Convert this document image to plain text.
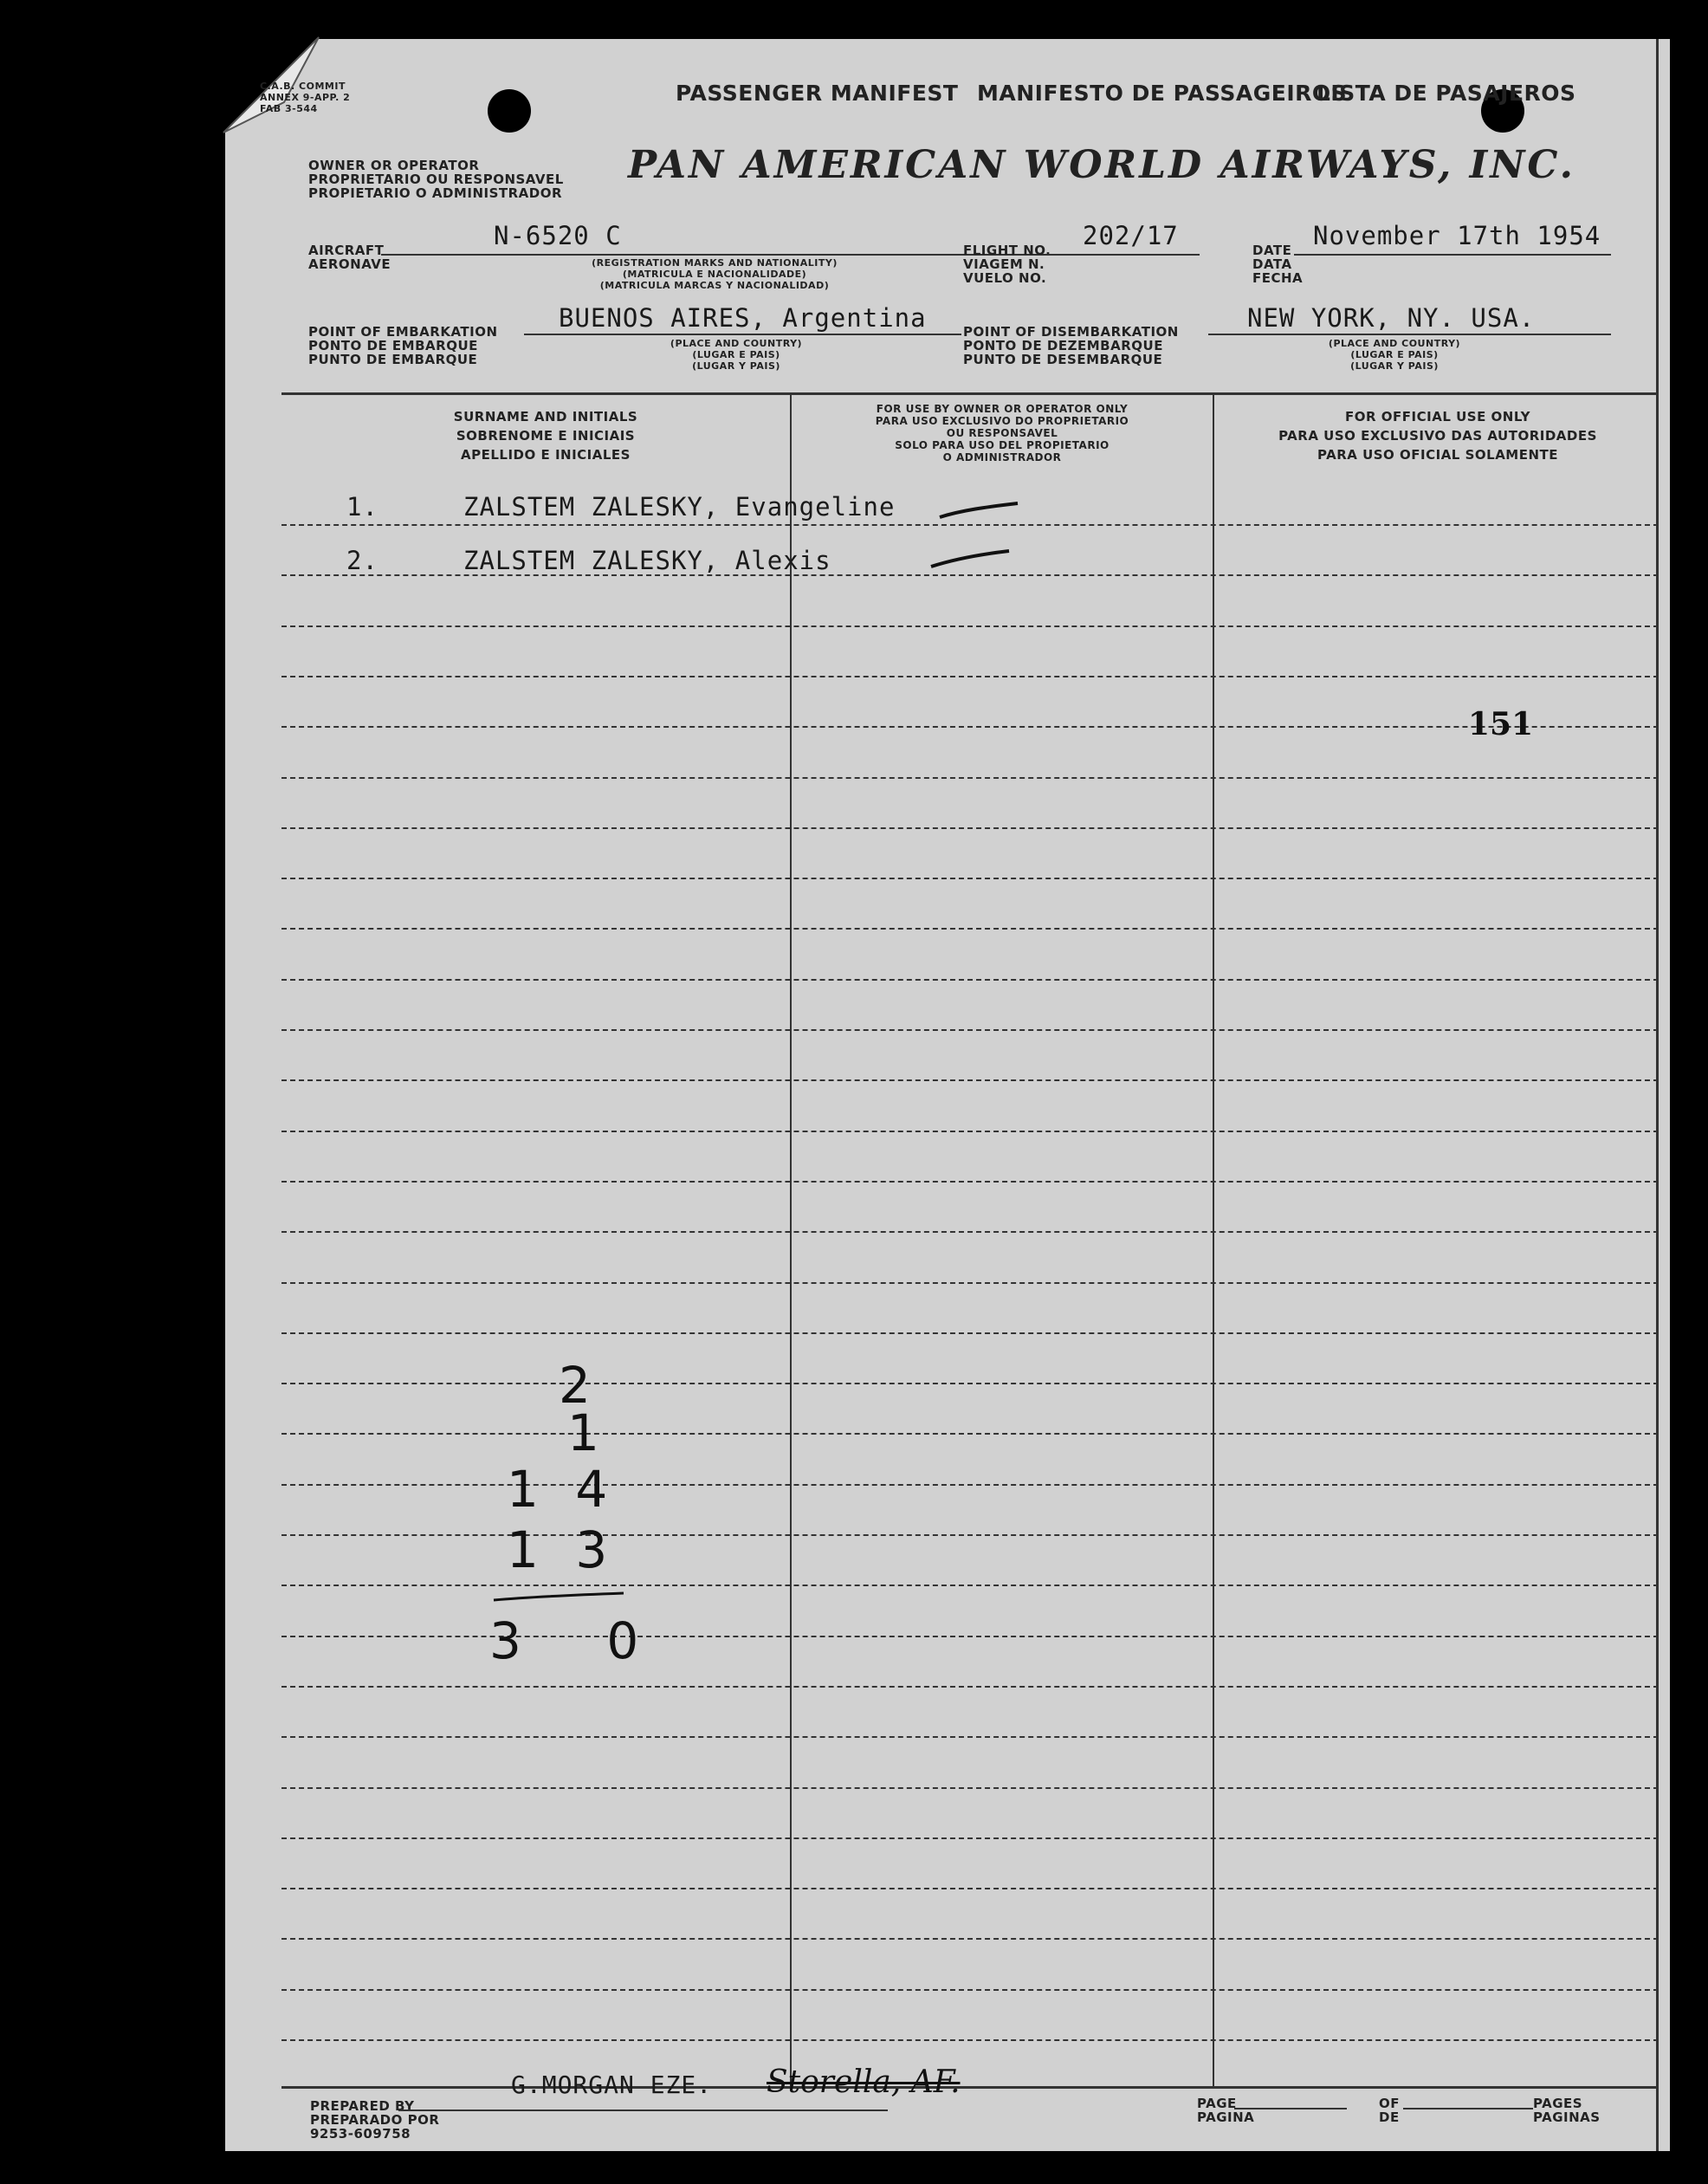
C.A.B. COMMIT
ANNEX 9-APP. 2
FAB 3-544
PASSENGER MANIFEST MANIFESTO DE PASSAGEIROS
LISTA DE PASAJEROS
OWNER OR OPERATOR
PROPRIETARIO OU RESPONSAVEL
PROPIETARIO O ADMINISTRADOR
PAN AMERICAN WORLD AIRWAYS, INC.
AIRCRAFT
AERONAVE
N-6520 C
(REGISTRATION MARKS AND NATIONALITY)
(MATRICULA E NACIONALIDADE)
(MATRICULA MARCAS Y NACIONALIDAD)
FLIGHT NO.
VIAGEM N.
VUELO NO.
202/17	DATE
DATA
FECHA
November 17th 1954
POINT OF EMBARKATION
PONTO DE EMBARQUE
PUNTO DE EMBARQUE
BUENOS AIRES, Argentina
(PLACE AND COUNTRY)
(LUGAR E PAIS)
(LUGAR Y PAIS)
POINT OF DISEMBARKATION
PONTO DE DEZEMBARQUE
PUNTO DE DESEMBARQUE
NEW YORK, NY. USA.
(PLACE AND COUNTRY)
(LUGAR E PAIS)
(LUGAR Y PAIS)
SURNAME AND INITIALS
SOBRENOME E INICIAIS
APELLIDO E INICIALES
FOR USE BY OWNER OR OPERATOR ONLY
PARA USO EXCLUSIVO DO PROPRIETARIO
OU RESPONSAVEL
SOLO PARA USO DEL PROPIETARIO
O ADMINISTRADOR
FOR OFFICIAL USE ONLY
PARA USO EXCLUSIVO DAS AUTORIDADES
PARA USO OFICIAL SOLAMENTE
1.	ZALSTEM ZALESKY, Evangeline
2.	ZALSTEM ZALESKY, Alexis
151
2
1
1 4
1 3
3 0
PREPARED BY
PREPARADO POR
9253-609758
G.MORGAN EZE. Storella, AF.
PAGE
PAGINA
OF
DE
PAGES
PAGINAS
